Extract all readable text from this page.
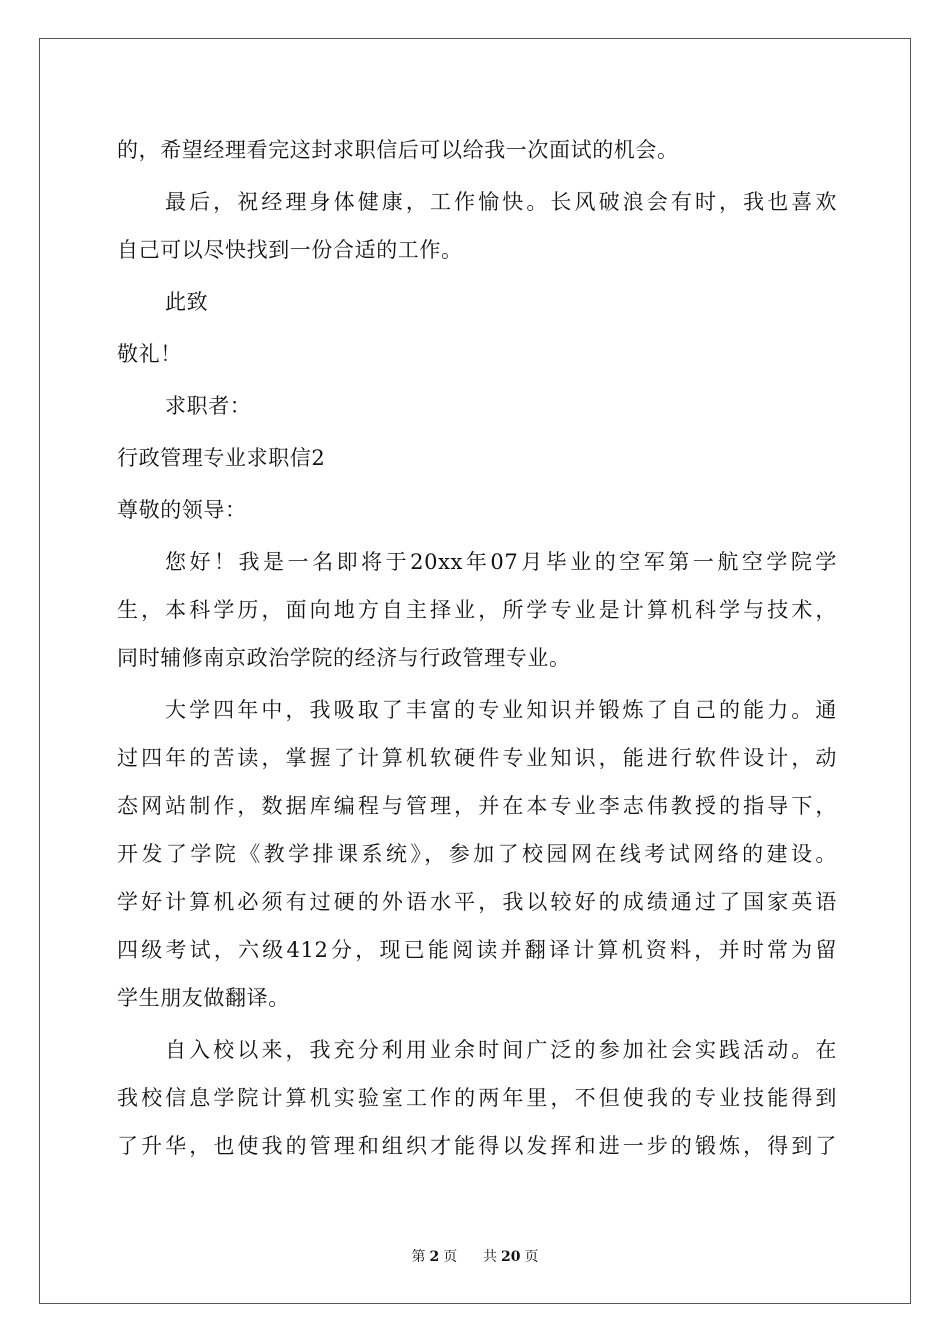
的，希望经理看完这封求职信后可以给我一次面试的机会。
最后，祝经理身体健康，工作愉快。长风破浪会有时，我也喜欢
自己可以尽快找到一份合适的工作。
此致
敬礼！
求职者：
行政管理专业求职信2
尊敬的领导：
您好！我是一名即将于20xx年07月毕业的空军第一航空学院学
生，本科学历，面向地方自主择业，所学专业是计算机科学与技术，
同时辅修南京政治学院的经济与行政管理专业。
大学四年中，我吸取了丰富的专业知识并锻炼了自己的能力。通
过四年的苦读，掌握了计算机软硬件专业知识，能进行软件设计，动
态网站制作，数据库编程与管理，并在本专业李志伟教授的指导下，
开发了学院《教学排课系统》，参加了校园网在线考试网络的建设。
学好计算机必须有过硬的外语水平，我以较好的成绩通过了国家英语
四级考试，六级412分，现已能阅读并翻译计算机资料，并时常为留
学生朋友做翻译。
自入校以来，我充分利用业余时间广泛的参加社会实践活动。在
我校信息学院计算机实验室工作的两年里，不但使我的专业技能得到
了升华，也使我的管理和组织才能得以发挥和进一步的锻炼，得到了
第 2 页 共 20 页
